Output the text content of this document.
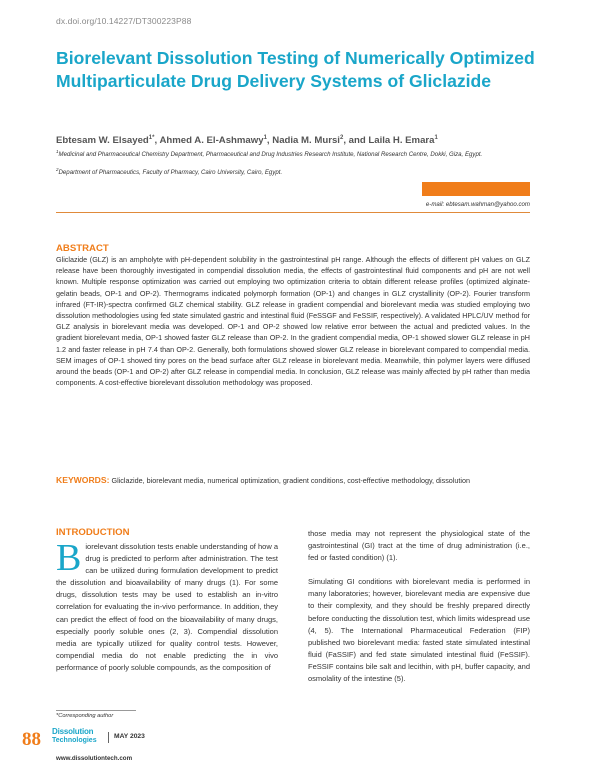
dx.doi.org/10.14227/DT300223P88
Biorelevant Dissolution Testing of Numerically Optimized Multiparticulate Drug Delivery Systems of Gliclazide
Ebtesam W. Elsayed$^{1*}$, Ahmed A. El-Ashmawy$^1$, Nadia M. Mursi$^2$, and Laila H. Emara$^1$
$^1$Medicinal and Pharmaceutical Chemistry Department, Pharmaceutical and Drug Industries Research Institute, National Research Centre, Dokki, Giza, Egypt.
$^2$Department of Pharmaceutics, Faculty of Pharmacy, Cairo University, Cairo, Egypt.
e-mail: ebtesam.wahman@yahoo.com
ABSTRACT
Gliclazide (GLZ) is an ampholyte with pH-dependent solubility in the gastrointestinal pH range. Although the effects of different pH values on GLZ release have been thoroughly investigated in compendial dissolution media, the effects of gastrointestinal fluid components and pH are not well known. Multiple response optimization was carried out employing two optimization criteria to obtain different release profiles (optimized alginate-gelatin beads, OP-1 and OP-2). Thermograms indicated polymorph formation (OP-1) and changes in GLZ crystallinity (OP-2). Fourier transform infrared (FT-IR)-spectra confirmed GLZ chemical stability. GLZ release in gradient compendial and biorelevant media was studied employing two dissolution methodologies using fed state simulated gastric and intestinal fluid (FeSSGF and FeSSIF, respectively). A validated HPLC/UV method for GLZ analysis in biorelevant media was developed. OP-1 and OP-2 showed low relative error between the actual and predicted values. In the gradient biorelevant media, OP-1 showed faster GLZ release than OP-2. In the gradient compendial media, OP-1 showed slower GLZ release in pH 1.2 and faster release in pH 7.4 than OP-2. Generally, both formulations showed slower GLZ release in biorelevant compared to compendial media. SEM images of OP-1 showed tiny pores on the bead surface after GLZ release in biorelevant media. Meanwhile, thin polymer layers were diffused around the beads (OP-1 and OP-2) after GLZ release in compendial media. In conclusion, GLZ release was mainly affected by pH rather than media components. A cost-effective biorelevant dissolution methodology was proposed.
KEYWORDS: Gliclazide, biorelevant media, numerical optimization, gradient conditions, cost-effective methodology, dissolution
INTRODUCTION

Biorelevant dissolution tests enable understanding of how a drug is predicted to perform after administration. The test can be utilized during formulation development to predict the dissolution and bioavailability of many drugs (1). For some drugs, dissolution tests may be used to establish an in-vitro correlation for evaluating the in-vivo performance. In addition, they can predict the effect of food on the bioavailability of many drugs, especially poorly soluble ones (2, 3). Compendial dissolution media are typically utilized for quality control tests. However, compendial media do not enable predicting the in vivo performance of poorly soluble compounds, as the composition of

those media may not represent the physiological state of the gastrointestinal (GI) tract at the time of drug administration (i.e., fed or fasted condition) (1).

Simulating GI conditions with biorelevant media is performed in many laboratories; however, biorelevant media are expensive due to their complexity, and they should be freshly prepared directly before conducting the dissolution test, which limits widespread use (4, 5). The International Pharmaceutical Federation (FIP) published two biorelevant media: fasted state simulated intestinal fluid (FaSSIF) and fed state simulated intestinal fluid (FeSSIF). FeSSIF contains bile salt and lecithin, with pH, buffer capacity, and osmolality of the intestine (5).

*Corresponding author
88 Dissolution
Technologies
MAY 2023
www.dissolutiontech.com
